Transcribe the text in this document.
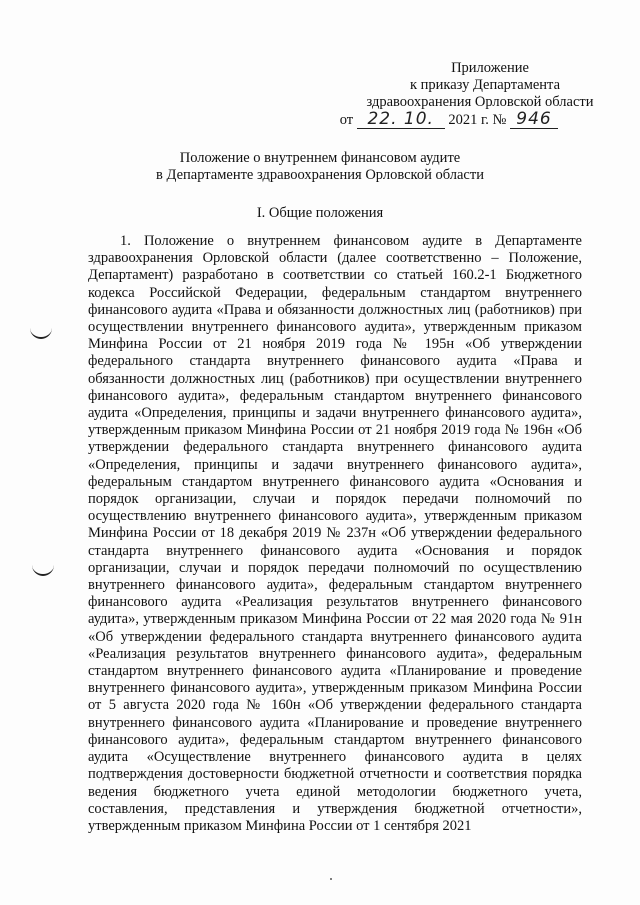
Приложение
к приказу Департамента
здравоохранения Орловской области
от 22. 10. 2021 г. № 946
Положение о внутреннем финансовом аудите
в Департаменте здравоохранения Орловской области
I. Общие положения

1. Положение о внутреннем финансовом аудите в Департаменте здравоохранения Орловской области (далее соответственно – Положение, Департамент) разработано в соответствии со статьей 160.2-1 Бюджетного кодекса Российской Федерации, федеральным стандартом внутреннего финансового аудита «Права и обязанности должностных лиц (работников) при осуществлении внутреннего финансового аудита», утвержденным приказом Минфина России от 21 ноября 2019 года № 195н «Об утверждении федерального стандарта внутреннего финансового аудита «Права и обязанности должностных лиц (работников) при осуществлении внутреннего финансового аудита», федеральным стандартом внутреннего финансового аудита «Определения, принципы и задачи внутреннего финансового аудита», утвержденным приказом Минфина России от 21 ноября 2019 года № 196н «Об утверждении федерального стандарта внутреннего финансового аудита «Определения, принципы и задачи внутреннего финансового аудита», федеральным стандартом внутреннего финансового аудита «Основания и порядок организации, случаи и порядок передачи полномочий по осуществлению внутреннего финансового аудита», утвержденным приказом Минфина России от 18 декабря 2019 № 237н «Об утверждении федерального стандарта внутреннего финансового аудита «Основания и порядок организации, случаи и порядок передачи полномочий по осуществлению внутреннего финансового аудита», федеральным стандартом внутреннего финансового аудита «Реализация результатов внутреннего финансового аудита», утвержденным приказом Минфина России от 22 мая 2020 года № 91н «Об утверждении федерального стандарта внутреннего финансового аудита «Реализация результатов внутреннего финансового аудита», федеральным стандартом внутреннего финансового аудита «Планирование и проведение внутреннего финансового аудита», утвержденным приказом Минфина России от 5 августа 2020 года № 160н «Об утверждении федерального стандарта внутреннего финансового аудита «Планирование и проведение внутреннего финансового аудита», федеральным стандартом внутреннего финансового аудита «Осуществление внутреннего финансового аудита в целях подтверждения достоверности бюджетной отчетности и соответствия порядка ведения бюджетного учета единой методологии бюджетного учета, составления, представления и утверждения бюджетной отчетности», утвержденным приказом Минфина России от 1 сентября 2021
